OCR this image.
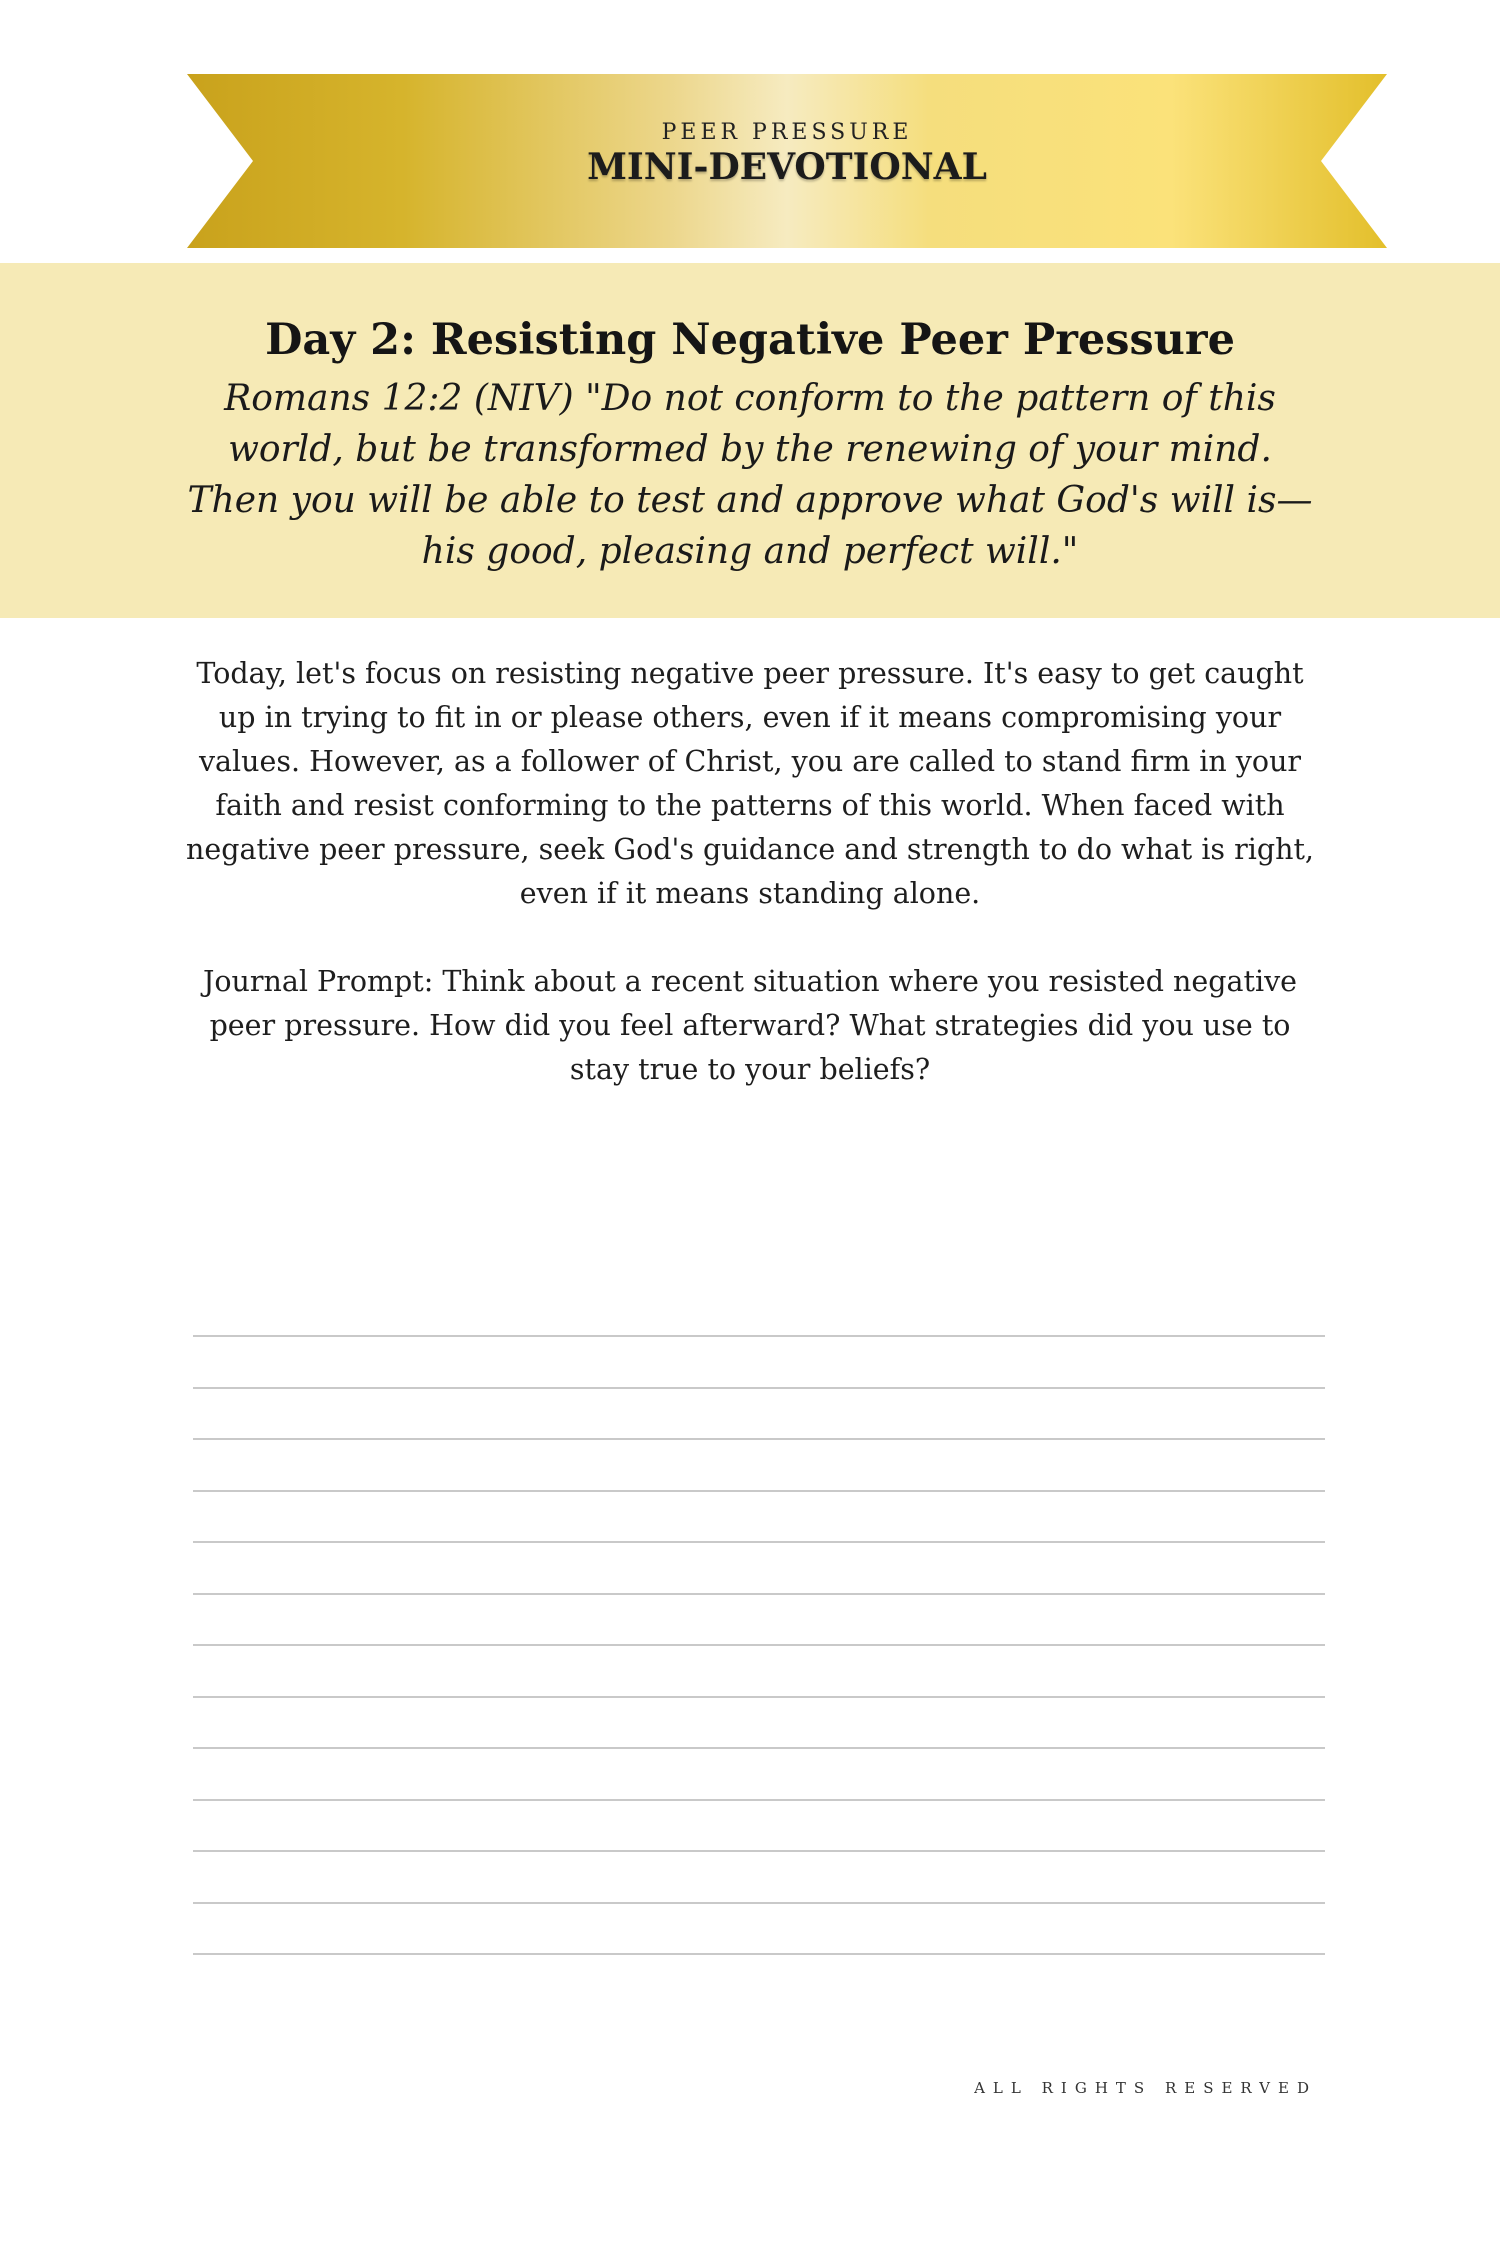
PEER PRESSURE
MINI-DEVOTIONAL
Day 2: Resisting Negative Peer Pressure
Romans 12:2 (NIV) "Do not conform to the pattern of this world, but be transformed by the renewing of your mind. Then you will be able to test and approve what God's will is—his good, pleasing and perfect will."

Today, let's focus on resisting negative peer pressure. It's easy to get caught up in trying to fit in or please others, even if it means compromising your values. However, as a follower of Christ, you are called to stand firm in your faith and resist conforming to the patterns of this world. When faced with negative peer pressure, seek God's guidance and strength to do what is right, even if it means standing alone.

Journal Prompt: Think about a recent situation where you resisted negative peer pressure. How did you feel afterward? What strategies did you use to stay true to your beliefs?

ALL RIGHTS RESERVED
